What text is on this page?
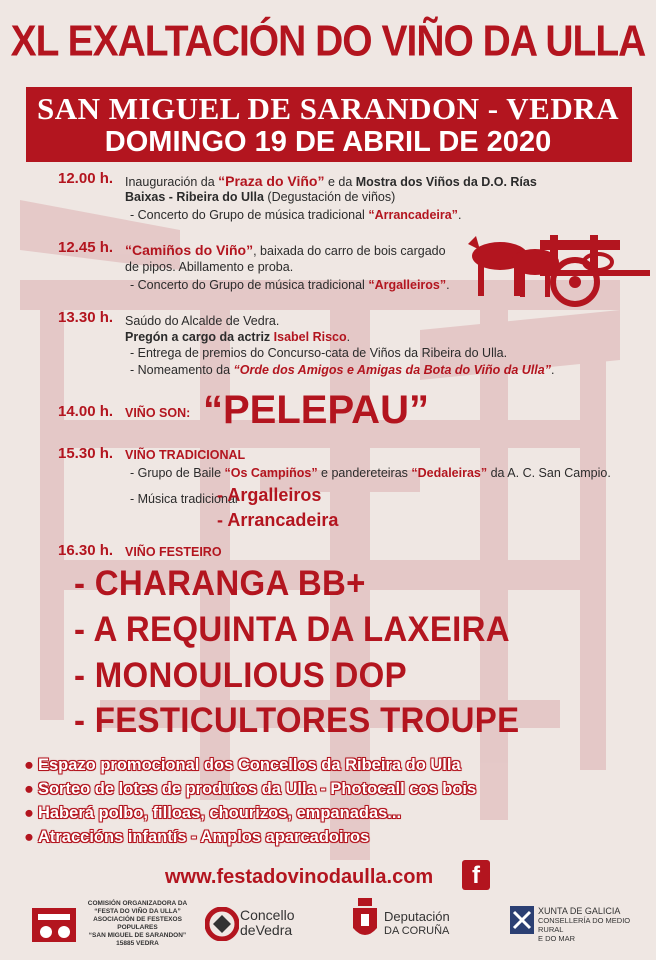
XL EXALTACIÓN DO VIÑO DA ULLA
SAN MIGUEL DE SARANDON - VEDRA
DOMINGO 19 DE ABRIL DE 2020
12.00 h. Inauguración da “Praza do Viño” e da Mostra dos Viños da D.O. Rías
Baixas - Ribeira do Ulla (Degustación de viños)
- Concerto do Grupo de música tradicional “Arrancadeira”.
12.45 h. “Camiños do Viño”, baixada do carro de bois cargado
de pipos. Abillamento e proba.
- Concerto do Grupo de música tradicional “Argalleiros”.
13.30 h. Saúdo do Alcalde de Vedra.
Pregón a cargo da actriz Isabel Risco.
- Entrega de premios do Concurso-cata de Viños da Ribeira do Ulla.
- Nomeamento da “Orde dos Amigos e Amigas da Bota do Viño da Ulla”.
14.00 h. VIÑO SON: “PELEPAU”
15.30 h. VIÑO TRADICIONAL
- Grupo de Baile “Os Campiños” e pandereteiras “Dedaleiras” da A. C. San Campio.
- Música tradicional
- Argalleiros
- Arrancadeira
16.30 h. VIÑO FESTEIRO
- CHARANGA BB+
- A REQUINTA DA LAXEIRA
- MONOULIOUS DOP
- FESTICULTORES TROUPE
● Espazo promocional dos Concellos da Ribeira do Ulla
● Sorteo de lotes de produtos da Ulla - Photocall cos bois
● Haberá polbo, filloas, chourizos, empanadas...
● Atraccións infantís - Amplos aparcadoiros
www.festadovinodaulla.com	f
COMISIÓN ORGANIZADORA DA
“FESTA DO VIÑO DA ULLA”
ASOCIACIÓN DE FESTEXOS POPULARES
“SAN MIGUEL DE SARANDON”
15885 VEDRA
Concello
deVedra
Deputación
DA CORUÑA
XUNTA DE GALICIA
CONSELLERÍA DO MEDIO RURAL
E DO MAR
